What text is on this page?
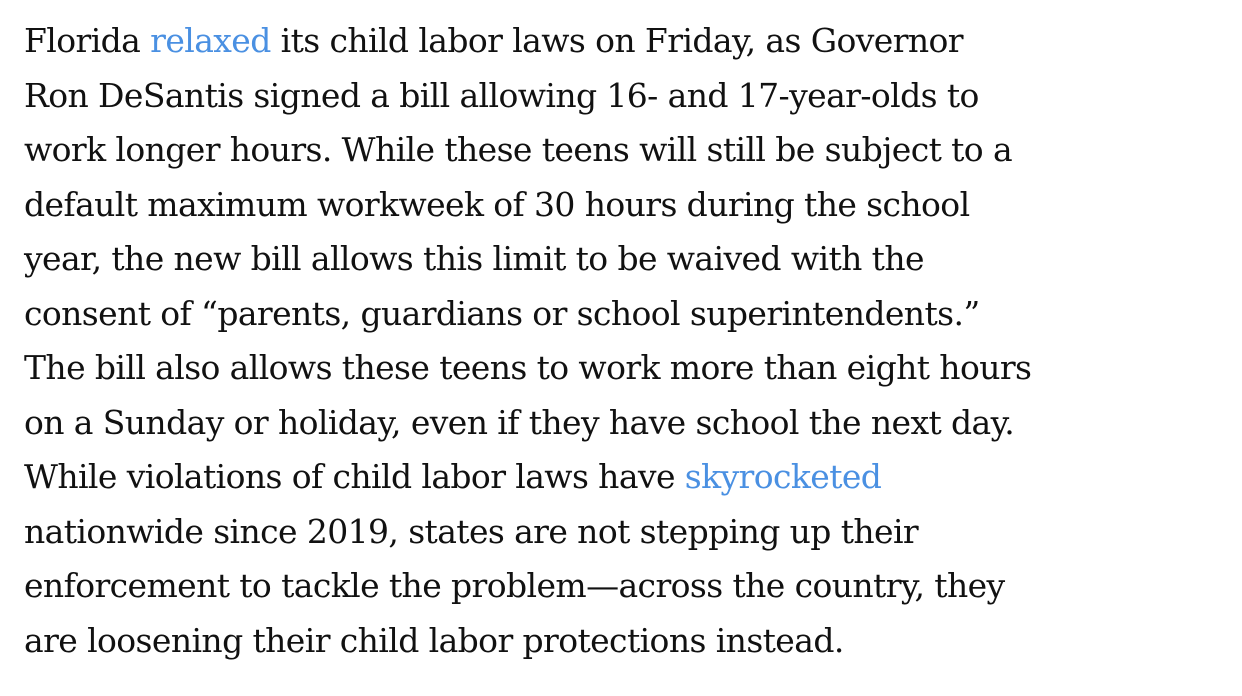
Florida relaxed its child labor laws on Friday, as Governor
Ron DeSantis signed a bill allowing 16- and 17-year-olds to
work longer hours. While these teens will still be subject to a
default maximum workweek of 30 hours during the school
year, the new bill allows this limit to be waived with the
consent of “parents, guardians or school superintendents.”
The bill also allows these teens to work more than eight hours
on a Sunday or holiday, even if they have school the next day.
While violations of child labor laws have skyrocketed
nationwide since 2019, states are not stepping up their
enforcement to tackle the problem—across the country, they
are loosening their child labor protections instead.
